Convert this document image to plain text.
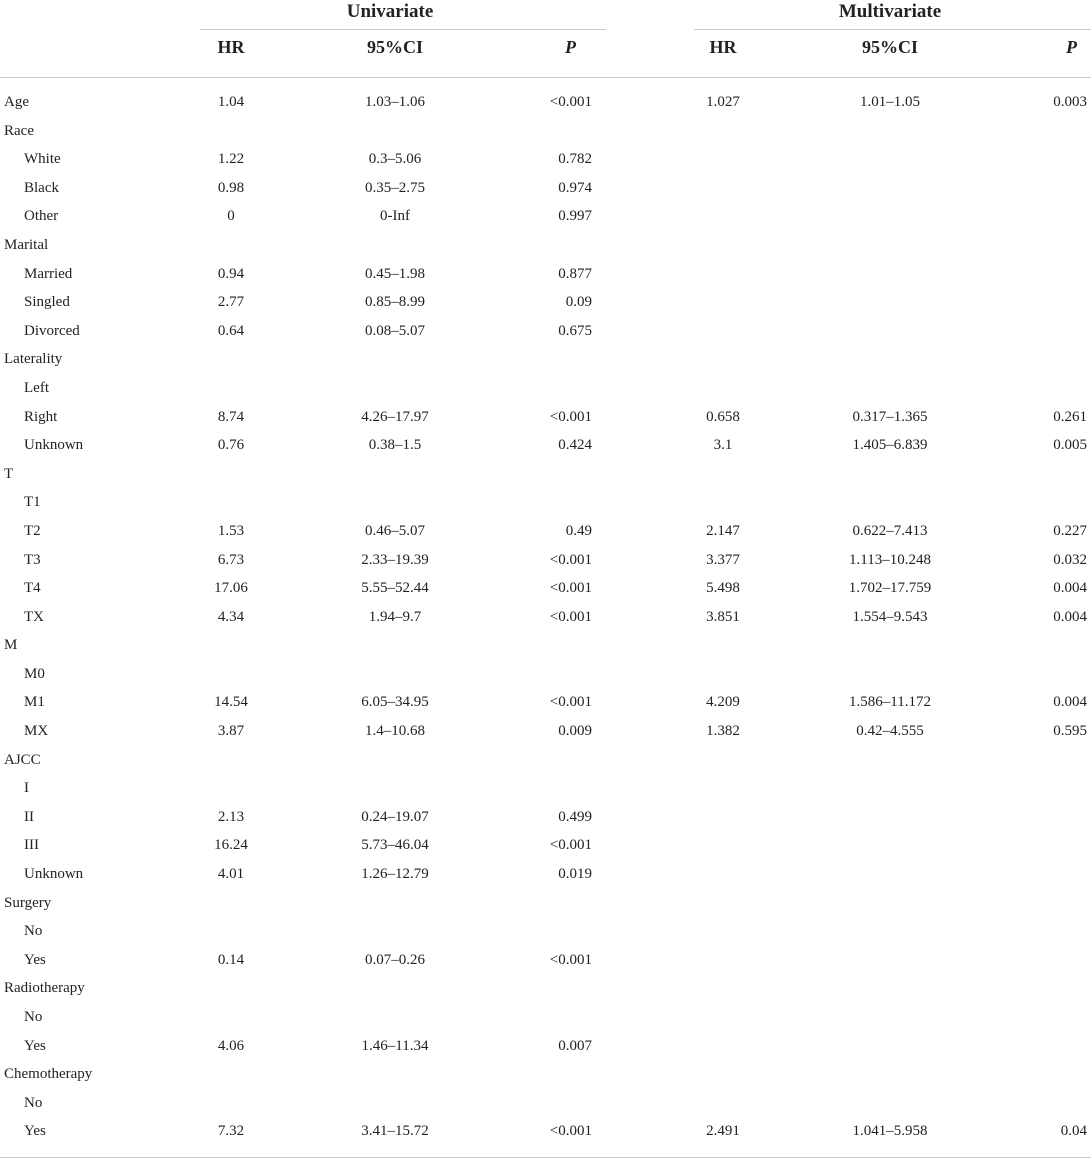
Univariate	Multivariate
HR	95%CI	P	HR	95%CI	P
Age	1.04	1.03–1.06	<0.001	1.027	1.01–1.05	0.003
Race
White	1.22	0.3–5.06	0.782
Black	0.98	0.35–2.75	0.974
Other	0	0-Inf	0.997
Marital
Married	0.94	0.45–1.98	0.877
Singled	2.77	0.85–8.99	0.09
Divorced	0.64	0.08–5.07	0.675
Laterality
Left
Right	8.74	4.26–17.97	<0.001	0.658	0.317–1.365	0.261
Unknown	0.76	0.38–1.5	0.424	3.1	1.405–6.839	0.005
T
T1
T2	1.53	0.46–5.07	0.49	2.147	0.622–7.413	0.227
T3	6.73	2.33–19.39	<0.001	3.377	1.113–10.248	0.032
T4	17.06	5.55–52.44	<0.001	5.498	1.702–17.759	0.004
TX	4.34	1.94–9.7	<0.001	3.851	1.554–9.543	0.004
M
M0
M1	14.54	6.05–34.95	<0.001	4.209	1.586–11.172	0.004
MX	3.87	1.4–10.68	0.009	1.382	0.42–4.555	0.595
AJCC
I
II	2.13	0.24–19.07	0.499
III	16.24	5.73–46.04	<0.001
Unknown	4.01	1.26–12.79	0.019
Surgery
No
Yes	0.14	0.07–0.26	<0.001
Radiotherapy
No
Yes	4.06	1.46–11.34	0.007
Chemotherapy
No
Yes	7.32	3.41–15.72	<0.001	2.491	1.041–5.958	0.04
